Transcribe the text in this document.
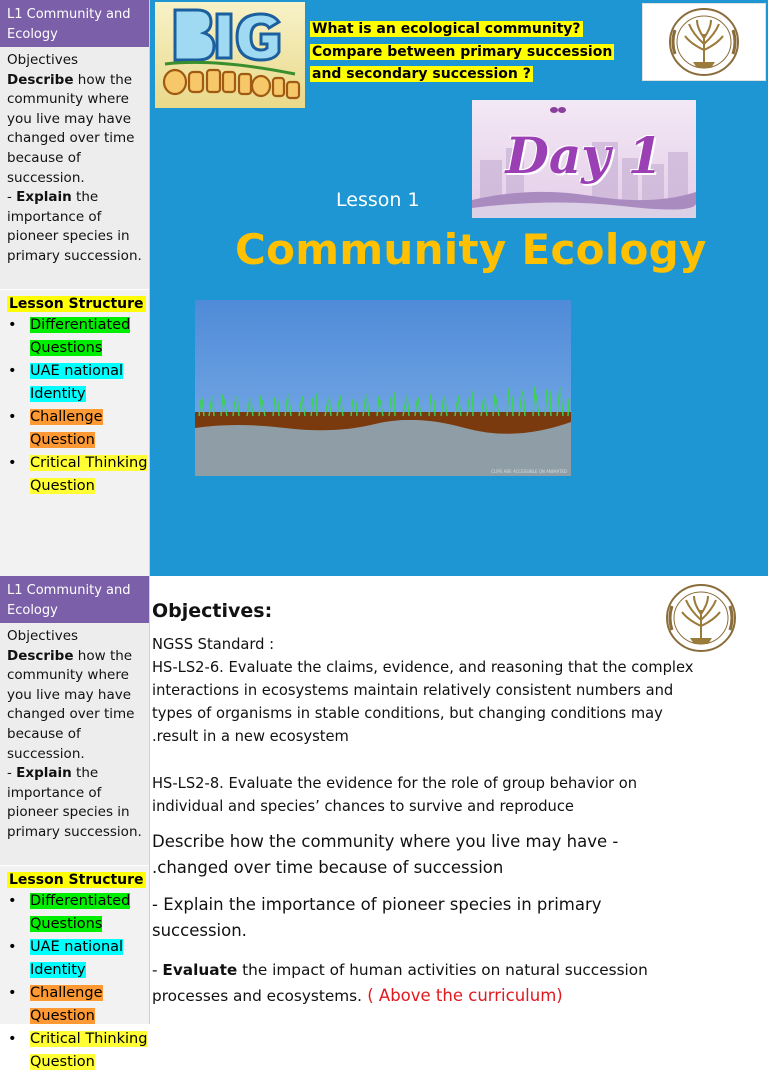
L1 Community and Ecology
Objectives
Describe how the community where you live may have changed over time because of succession.
- Explain the importance of pioneer species in primary succession.
Lesson Structure
• Differentiated Questions
• UAE national Identity
• Challenge Question
• Critical Thinking Question
What is an ecological community?
Compare between primary succession
and secondary succession ?
Day 1
Lesson 1
Community Ecology
CLIPS ARE ACCESSIBLE ON ANIMATED
L1 Community and Ecology
Objectives
Describe how the community where you live may have changed over time because of succession.
- Explain the importance of pioneer species in primary succession.
Lesson Structure
• Differentiated Questions
• UAE national Identity
• Challenge Question
• Critical Thinking Question
Objectives:
NGSS Standard :
HS-LS2-6. Evaluate the claims, evidence, and reasoning that the complex
interactions in ecosystems maintain relatively consistent numbers and
types of organisms in stable conditions, but changing conditions may
.result in a new ecosystem
HS-LS2-8. Evaluate the evidence for the role of group behavior on
individual and species’ chances to survive and reproduce
Describe how the community where you live may have -
.changed over time because of succession
- Explain the importance of pioneer species in primary
succession.
- Evaluate the impact of human activities on natural succession
processes and ecosystems. ( Above the curriculum)
